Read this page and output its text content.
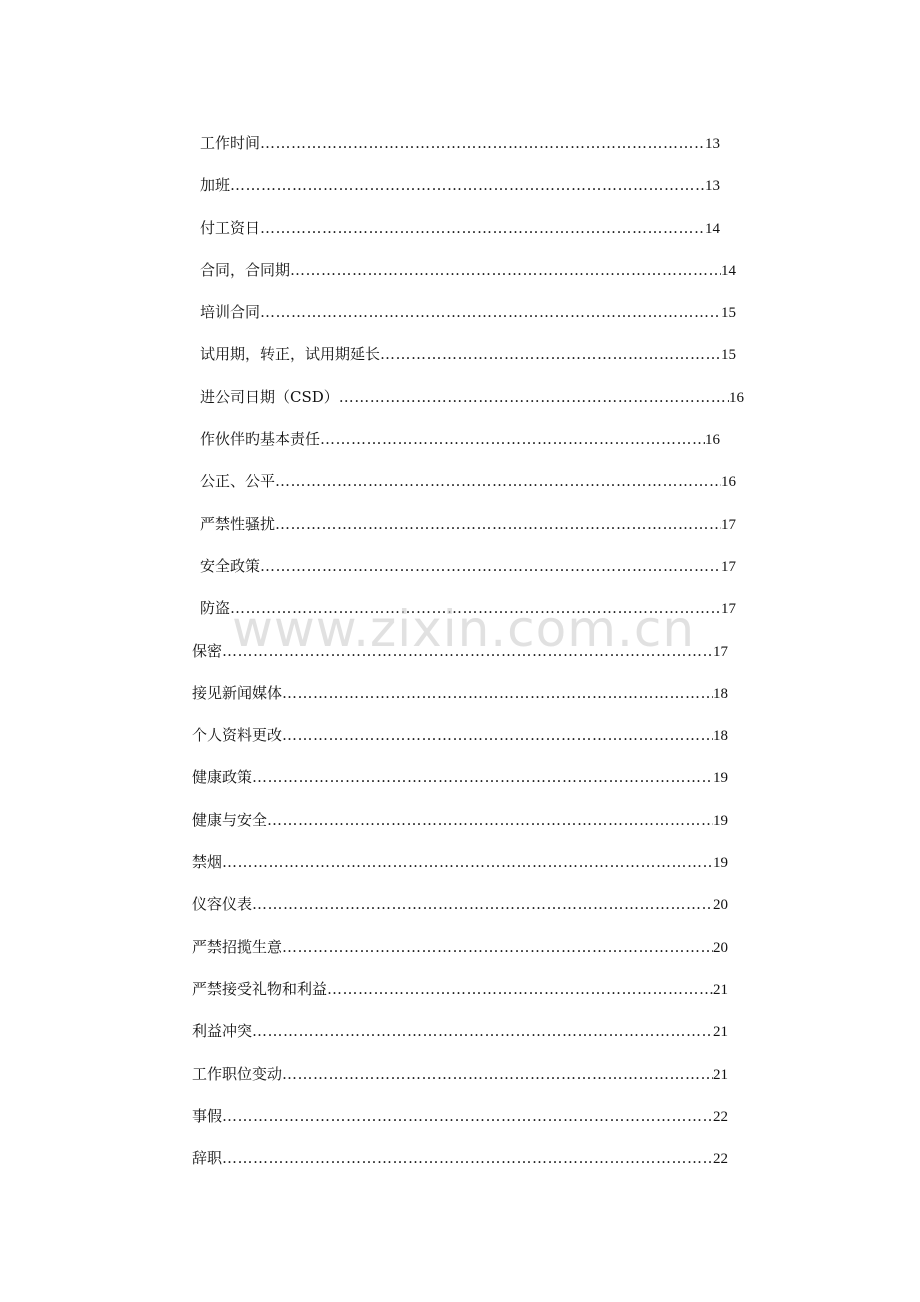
工作时间 …………………………………………………………………………………………………………………………………………………	13
加班 …………………………………………………………………………………………………………………………………………………	13
付工资日 …………………………………………………………………………………………………………………………………………………	14
合同，合同期 …………………………………………………………………………………………………………………………………………………	14
培训合同 …………………………………………………………………………………………………………………………………………………	15
试用期，转正，试用期延长 …………………………………………………………………………………………………………………………………………………	15
进公司日期（CSD） …………………………………………………………………………………………………………………………………………………	16
作伙伴旳基本责任 …………………………………………………………………………………………………………………………………………………	16
公正、公平 …………………………………………………………………………………………………………………………………………………	16
严禁性骚扰 …………………………………………………………………………………………………………………………………………………	17
安全政策 …………………………………………………………………………………………………………………………………………………	17
防盗 …………………………………………………………………………………………………………………………………………………	17
保密 …………………………………………………………………………………………………………………………………………………	17
接见新闻媒体 …………………………………………………………………………………………………………………………………………………	18
个人资料更改 …………………………………………………………………………………………………………………………………………………	18
健康政策 …………………………………………………………………………………………………………………………………………………	19
健康与安全 …………………………………………………………………………………………………………………………………………………	19
禁烟 …………………………………………………………………………………………………………………………………………………	19
仪容仪表 …………………………………………………………………………………………………………………………………………………	20
严禁招揽生意 …………………………………………………………………………………………………………………………………………………	20
严禁接受礼物和利益 …………………………………………………………………………………………………………………………………………………	21
利益冲突 …………………………………………………………………………………………………………………………………………………	21
工作职位变动 …………………………………………………………………………………………………………………………………………………	21
事假 …………………………………………………………………………………………………………………………………………………	22
辞职 …………………………………………………………………………………………………………………………………………………	22
www.zixin.com.cn
